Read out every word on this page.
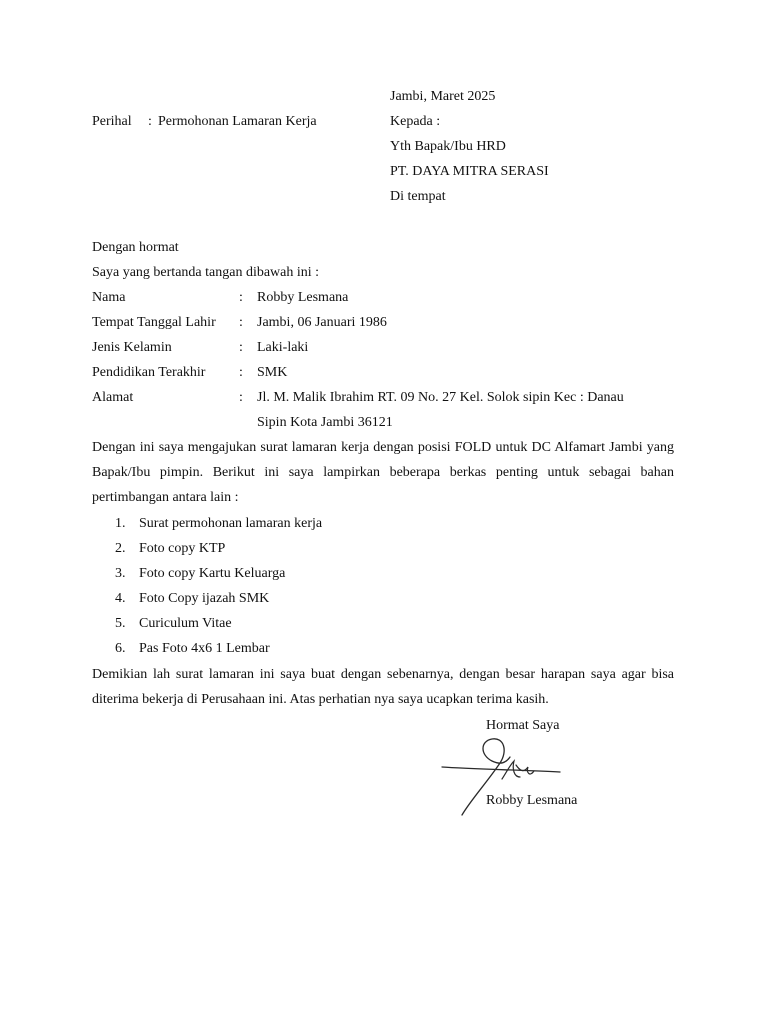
Jambi, Maret 2025
Perihal : Permohonan Lamaran Kerja	Kepada :
Yth Bapak/Ibu HRD
PT. DAYA MITRA SERASI
Di tempat
Dengan hormat
Saya yang bertanda tangan dibawah ini :
Nama	: Robby Lesmana
Tempat Tanggal Lahir : Jambi, 06 Januari 1986
Jenis Kelamin	: Laki-laki
Pendidikan Terakhir : SMK
Alamat	: Jl. M. Malik Ibrahim RT. 09 No. 27 Kel. Solok sipin Kec : Danau
Sipin Kota Jambi 36121
Dengan ini saya mengajukan surat lamaran kerja dengan posisi FOLD untuk DC Alfamart Jambi yang Bapak/Ibu pimpin. Berikut ini saya lampirkan beberapa berkas penting untuk sebagai bahan pertimbangan antara lain :
1. Surat permohonan lamaran kerja
2. Foto copy KTP
3. Foto copy Kartu Keluarga
4. Foto Copy ijazah SMK
5. Curiculum Vitae
6. Pas Foto 4x6 1 Lembar
Demikian lah surat lamaran ini saya buat dengan sebenarnya, dengan besar harapan saya agar bisa diterima bekerja di Perusahaan ini. Atas perhatian nya saya ucapkan terima kasih.
Hormat Saya
Robby Lesmana
